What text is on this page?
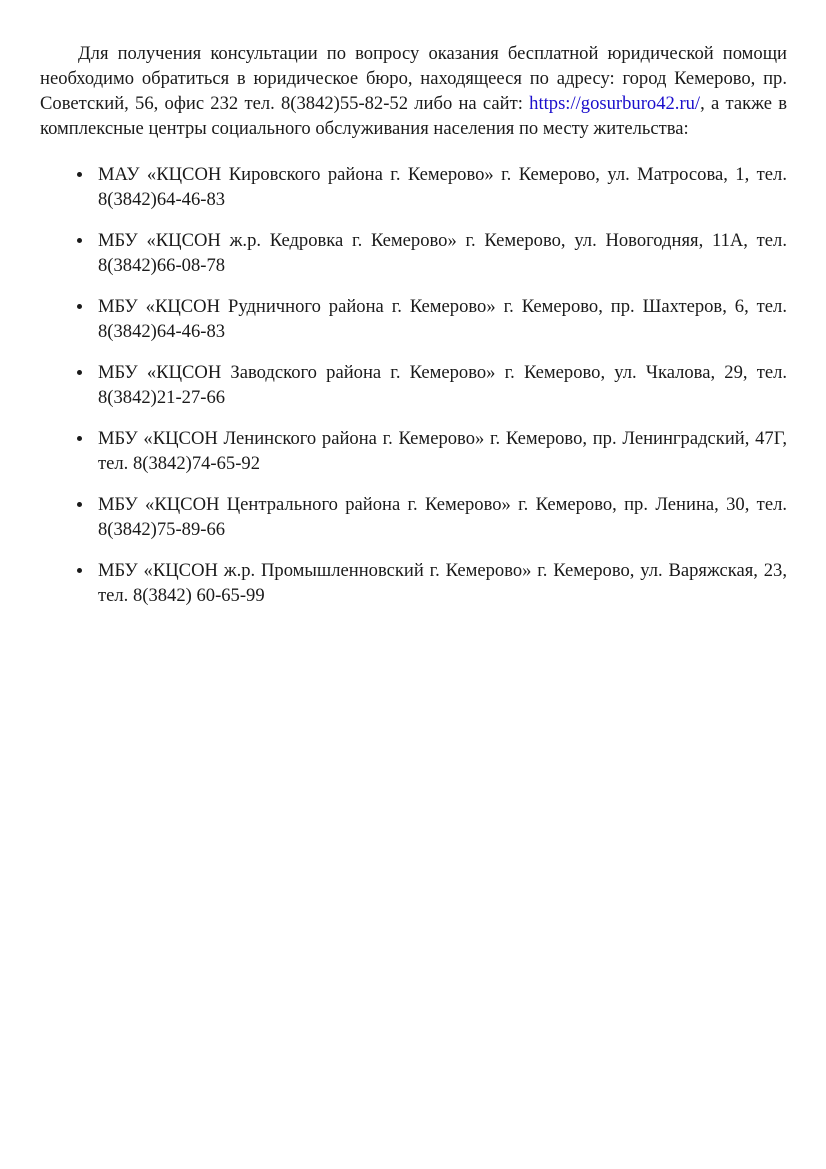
Для получения консультации по вопросу оказания бесплатной юридической помощи необходимо обратиться в юридическое бюро, находящееся по адресу: город Кемерово, пр. Советский, 56, офис 232 тел. 8(3842)55-82-52 либо на сайт: https://gosurburo42.ru/, а также в комплексные центры социального обслуживания населения по месту жительства:

МАУ «КЦСОН Кировского района г. Кемерово» г. Кемерово, ул. Матросова, 1, тел. 8(3842)64-46-83
МБУ «КЦСОН ж.р. Кедровка г. Кемерово» г. Кемерово, ул. Новогодняя, 11А, тел. 8(3842)66-08-78
МБУ «КЦСОН Рудничного района г. Кемерово» г. Кемерово, пр. Шахтеров, 6, тел. 8(3842)64-46-83
МБУ «КЦСОН Заводского района г. Кемерово» г. Кемерово, ул. Чкалова, 29, тел. 8(3842)21-27-66
МБУ «КЦСОН Ленинского района г. Кемерово» г. Кемерово, пр. Ленинградский, 47Г, тел. 8(3842)74-65-92
МБУ «КЦСОН Центрального района г. Кемерово» г. Кемерово, пр. Ленина, 30, тел. 8(3842)75-89-66
МБУ «КЦСОН ж.р. Промышленновский г. Кемерово» г. Кемерово, ул. Варяжская, 23, тел. 8(3842) 60-65-99
